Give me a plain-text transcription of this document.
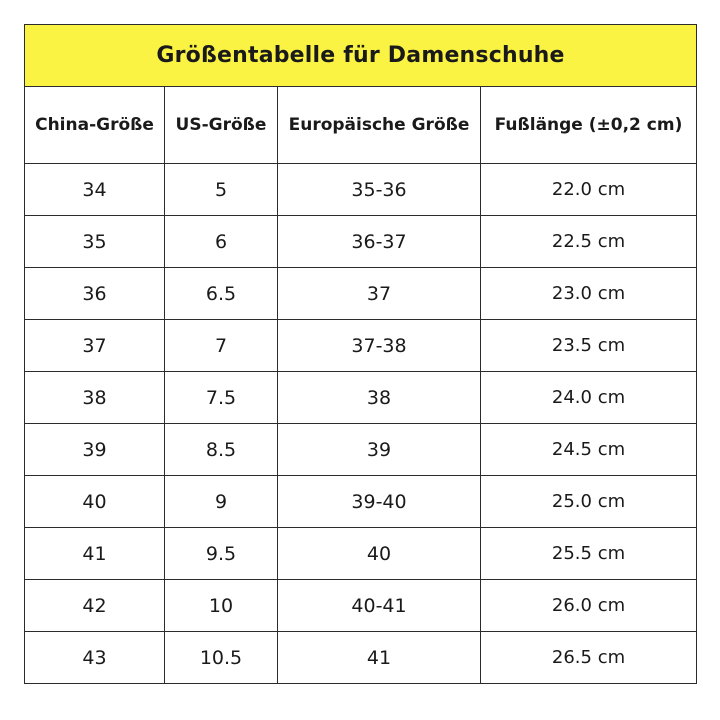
Größentabelle für Damenschuhe			
China-Größe	US-Größe	Europäische Größe	Fußlänge (±0,2 cm)
34	5	35-36	22.0 cm
35	6	36-37	22.5 cm
36	6.5	37	23.0 cm
37	7	37-38	23.5 cm
38	7.5	38	24.0 cm
39	8.5	39	24.5 cm
40	9	39-40	25.0 cm
41	9.5	40	25.5 cm
42	10	40-41	26.0 cm
43	10.5	41	26.5 cm
